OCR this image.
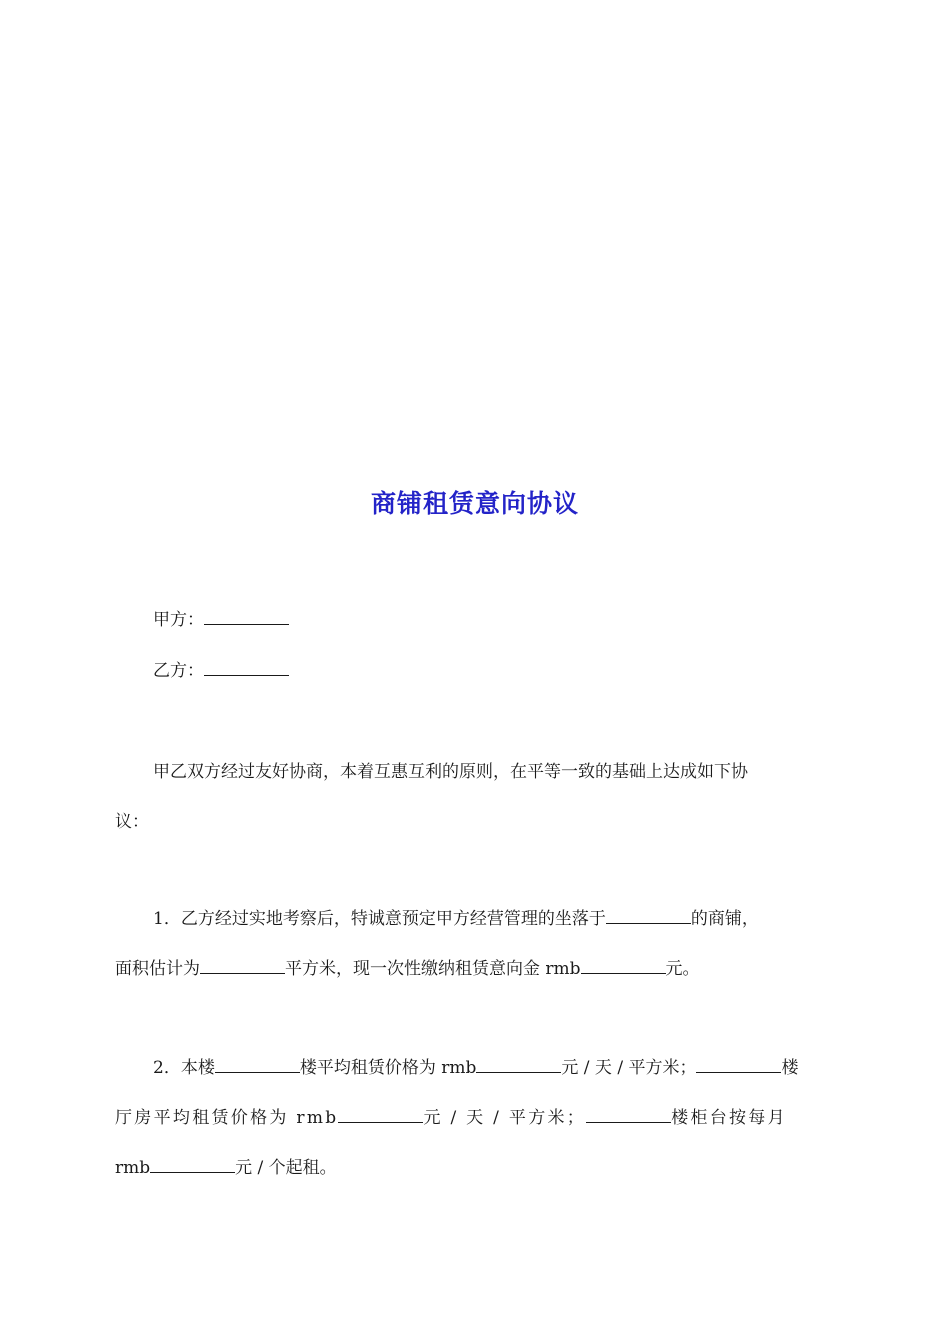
商铺租赁意向协议

甲方：

乙方：

甲乙双方经过友好协商，本着互惠互利的原则，在平等一致的基础上达成如下协

议：

1．乙方经过实地考察后，特诚意预定甲方经营管理的坐落于	的商铺，

面积估计为	平方米，现一次性缴纳租赁意向金 rmb	元。

2．本楼	楼平均租赁价格为 rmb	元 / 天 / 平方米；	楼

厅房平均租赁价格为 rmb	元 / 天 / 平方米；	楼柜台按每月

rmb	元 / 个起租。
